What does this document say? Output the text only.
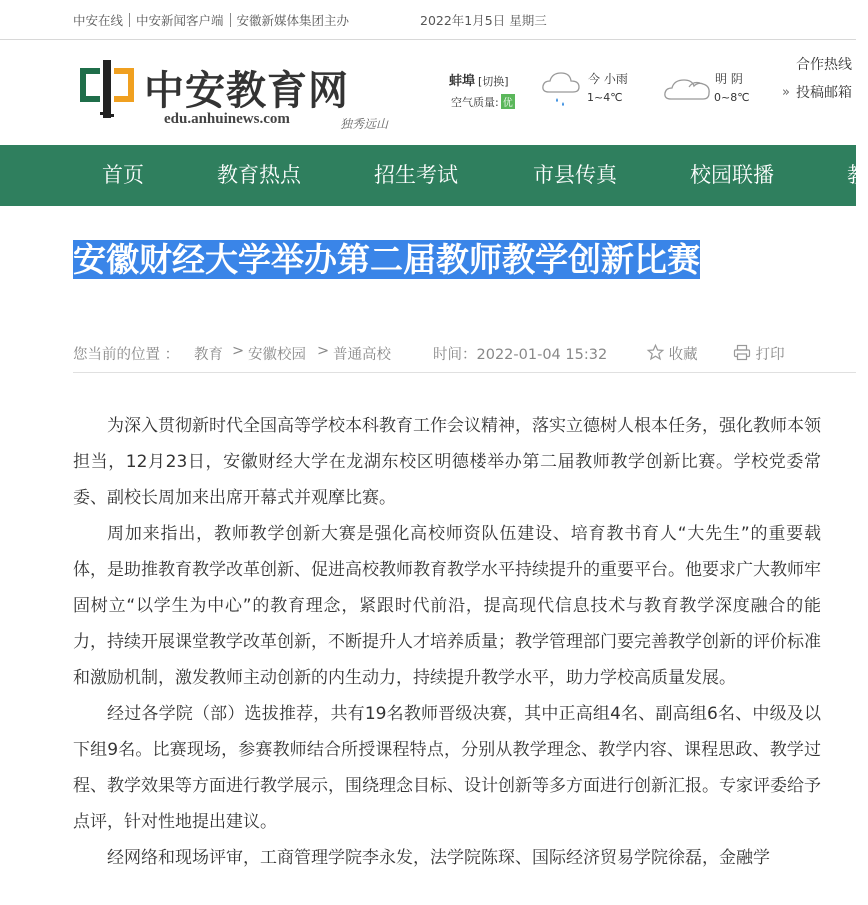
中安在线 中安新闻客户端 安徽新媒体集团主办	2022年1月5日 星期三
中安教育网
edu.anhuinews.com	独秀远山
蚌埠 [切换]
空气质量: 优
今 小雨
1~4℃
明 阴
0~8℃
合作热线
» 投稿邮箱
首页	教育热点	招生考试	市县传真	校园联播	教
安徽财经大学举办第二届教师教学创新比赛
您当前的位置 ： 教育 > 安徽校园 > 普通高校	时间：2022-01-04 15:32	收藏	打印

为深入贯彻新时代全国高等学校本科教育工作会议精神，落实立德树人根本任务，强化教师本领担当，12月23日，安徽财经大学在龙湖东校区明德楼举办第二届教师教学创新比赛。学校党委常委、副校长周加来出席开幕式并观摩比赛。

周加来指出，教师教学创新大赛是强化高校师资队伍建设、培育教书育人“大先生”的重要载体，是助推教育教学改革创新、促进高校教师教育教学水平持续提升的重要平台。他要求广大教师牢固树立“以学生为中心”的教育理念，紧跟时代前沿，提高现代信息技术与教育教学深度融合的能力，持续开展课堂教学改革创新，不断提升人才培养质量；教学管理部门要完善教学创新的评价标准和激励机制，激发教师主动创新的内生动力，持续提升教学水平，助力学校高质量发展。

经过各学院（部）选拔推荐，共有19名教师晋级决赛，其中正高组4名、副高组6名、中级及以下组9名。比赛现场，参赛教师结合所授课程特点，分别从教学理念、教学内容、课程思政、教学过程、教学效果等方面进行教学展示，围绕理念目标、设计创新等多方面进行创新汇报。专家评委给予点评，针对性地提出建议。

经网络和现场评审，工商管理学院李永发，法学院陈琛、国际经济贸易学院徐磊，金融学
